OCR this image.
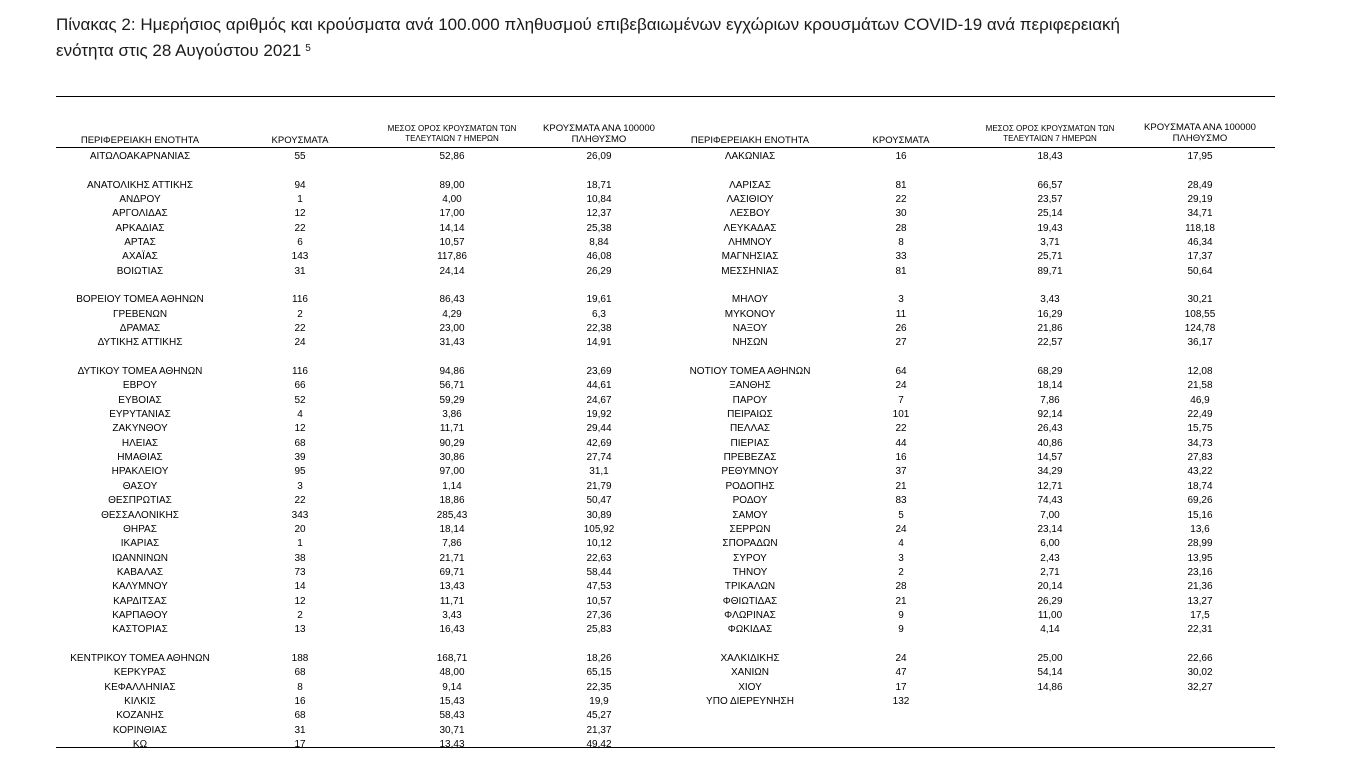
Πίνακας 2: Ημερήσιος αριθμός και κρούσματα ανά 100.000 πληθυσμού επιβεβαιωμένων εγχώριων κρουσμάτων COVID-19 ανά περιφερειακή
ενότητα στις 28 Αυγούστου 2021 $^5$
ΠΕΡΙΦΕΡΕΙΑΚΗ ΕΝΟΤΗΤΑ	ΚΡΟΥΣΜΑΤΑ
ΜΕΣΟΣ ΟΡΟΣ ΚΡΟΥΣΜΑΤΩΝ ΤΩΝ
ΤΕΛΕΥΤΑΙΩΝ 7 ΗΜΕΡΩΝ
ΚΡΟΥΣΜΑΤΑ ΑΝΑ 100000
ΠΛΗΘΥΣΜΟ	ΠΕΡΙΦΕΡΕΙΑΚΗ ΕΝΟΤΗΤΑ	ΚΡΟΥΣΜΑΤΑ
ΜΕΣΟΣ ΟΡΟΣ ΚΡΟΥΣΜΑΤΩΝ ΤΩΝ
ΤΕΛΕΥΤΑΙΩΝ 7 ΗΜΕΡΩΝ
ΚΡΟΥΣΜΑΤΑ ΑΝΑ 100000
ΠΛΗΘΥΣΜΟ
ΑΙΤΩΛΟΑΚΑΡΝΑΝΙΑΣ	55	52,86	26,09
ΑΝΑΤΟΛΙΚΗΣ ΑΤΤΙΚΗΣ	94	89,00	18,71
ΑΝΔΡΟΥ	1	4,00	10,84
ΑΡΓΟΛΙΔΑΣ	12	17,00	12,37
ΑΡΚΑΔΙΑΣ	22	14,14	25,38
ΑΡΤΑΣ	6	10,57	8,84
ΑΧΑΪΑΣ	143	117,86	46,08
ΒΟΙΩΤΙΑΣ	31	24,14	26,29
ΒΟΡΕΙΟΥ ΤΟΜΕΑ ΑΘΗΝΩΝ	116	86,43	19,61
ΓΡΕΒΕΝΩΝ	2	4,29	6,3
ΔΡΑΜΑΣ	22	23,00	22,38
ΔΥΤΙΚΗΣ ΑΤΤΙΚΗΣ	24	31,43	14,91
ΔΥΤΙΚΟΥ ΤΟΜΕΑ ΑΘΗΝΩΝ	116	94,86	23,69
ΕΒΡΟΥ	66	56,71	44,61
ΕΥΒΟΙΑΣ	52	59,29	24,67
ΕΥΡΥΤΑΝΙΑΣ	4	3,86	19,92
ΖΑΚΥΝΘΟΥ	12	11,71	29,44
ΗΛΕΙΑΣ	68	90,29	42,69
ΗΜΑΘΙΑΣ	39	30,86	27,74
ΗΡΑΚΛΕΙΟΥ	95	97,00	31,1
ΘΑΣΟΥ	3	1,14	21,79
ΘΕΣΠΡΩΤΙΑΣ	22	18,86	50,47
ΘΕΣΣΑΛΟΝΙΚΗΣ	343	285,43	30,89
ΘΗΡΑΣ	20	18,14	105,92
ΙΚΑΡΙΑΣ	1	7,86	10,12
ΙΩΑΝΝΙΝΩΝ	38	21,71	22,63
ΚΑΒΑΛΑΣ	73	69,71	58,44
ΚΑΛΥΜΝΟΥ	14	13,43	47,53
ΚΑΡΔΙΤΣΑΣ	12	11,71	10,57
ΚΑΡΠΑΘΟΥ	2	3,43	27,36
ΚΑΣΤΟΡΙΑΣ	13	16,43	25,83
ΚΕΝΤΡΙΚΟΥ ΤΟΜΕΑ ΑΘΗΝΩΝ	188	168,71	18,26
ΚΕΡΚΥΡΑΣ	68	48,00	65,15
ΚΕΦΑΛΛΗΝΙΑΣ	8	9,14	22,35
ΚΙΛΚΙΣ	16	15,43	19,9
ΚΟΖΑΝΗΣ	68	58,43	45,27
ΚΟΡΙΝΘΙΑΣ	31	30,71	21,37
ΚΩ	17	13,43	49,42
ΛΑΚΩΝΙΑΣ	16	18,43	17,95
ΛΑΡΙΣΑΣ	81	66,57	28,49
ΛΑΣΙΘΙΟΥ	22	23,57	29,19
ΛΕΣΒΟΥ	30	25,14	34,71
ΛΕΥΚΑΔΑΣ	28	19,43	118,18
ΛΗΜΝΟΥ	8	3,71	46,34
ΜΑΓΝΗΣΙΑΣ	33	25,71	17,37
ΜΕΣΣΗΝΙΑΣ	81	89,71	50,64
ΜΗΛΟΥ	3	3,43	30,21
ΜΥΚΟΝΟΥ	11	16,29	108,55
ΝΑΞΟΥ	26	21,86	124,78
ΝΗΣΩΝ	27	22,57	36,17
ΝΟΤΙΟΥ ΤΟΜΕΑ ΑΘΗΝΩΝ	64	68,29	12,08
ΞΑΝΘΗΣ	24	18,14	21,58
ΠΑΡΟΥ	7	7,86	46,9
ΠΕΙΡΑΙΩΣ	101	92,14	22,49
ΠΕΛΛΑΣ	22	26,43	15,75
ΠΙΕΡΙΑΣ	44	40,86	34,73
ΠΡΕΒΕΖΑΣ	16	14,57	27,83
ΡΕΘΥΜΝΟΥ	37	34,29	43,22
ΡΟΔΟΠΗΣ	21	12,71	18,74
ΡΟΔΟΥ	83	74,43	69,26
ΣΑΜΟΥ	5	7,00	15,16
ΣΕΡΡΩΝ	24	23,14	13,6
ΣΠΟΡΑΔΩΝ	4	6,00	28,99
ΣΥΡΟΥ	3	2,43	13,95
ΤΗΝΟΥ	2	2,71	23,16
ΤΡΙΚΑΛΩΝ	28	20,14	21,36
ΦΘΙΩΤΙΔΑΣ	21	26,29	13,27
ΦΛΩΡΙΝΑΣ	9	11,00	17,5
ΦΩΚΙΔΑΣ	9	4,14	22,31
ΧΑΛΚΙΔΙΚΗΣ	24	25,00	22,66
ΧΑΝΙΩΝ	47	54,14	30,02
ΧΙΟΥ	17	14,86	32,27
ΥΠΟ ΔΙΕΡΕΥΝΗΣΗ	132
